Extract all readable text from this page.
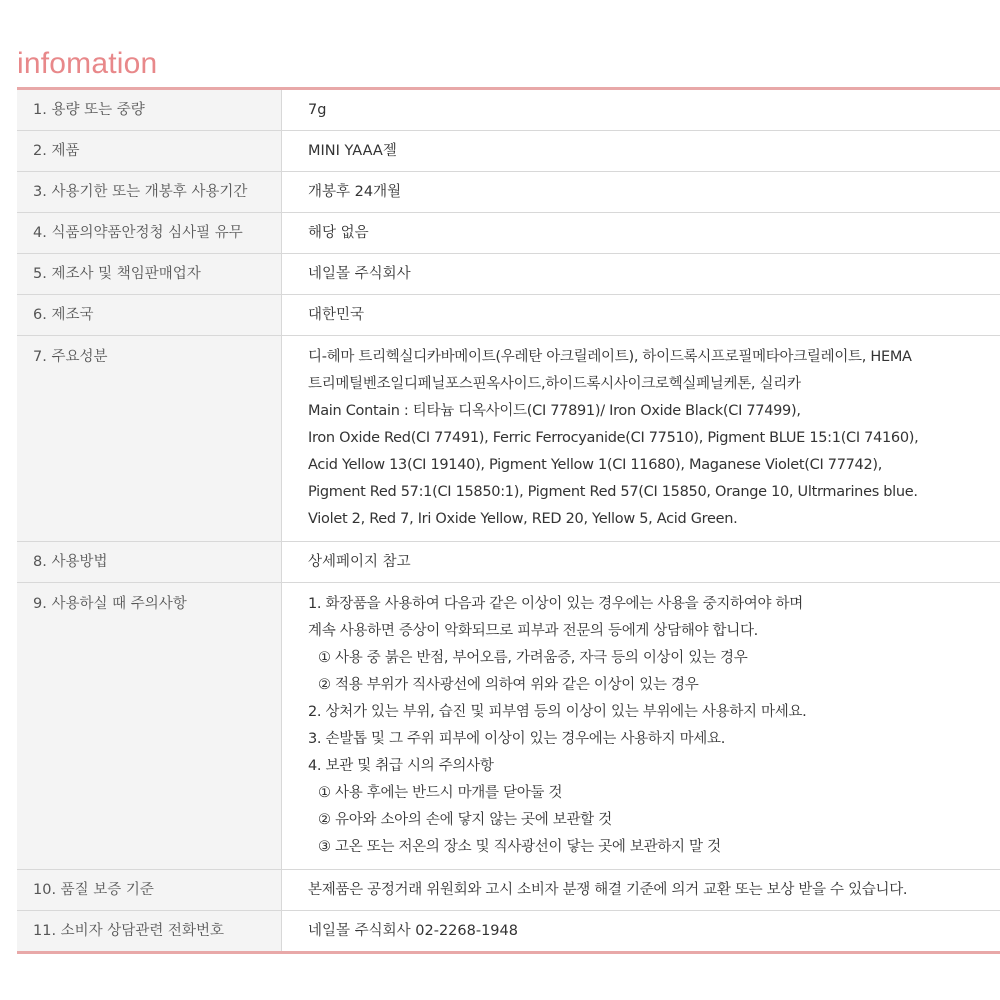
infomation
1. 용량 또는 중량	7g
2. 제품	MINI YAAA젤
3. 사용기한 또는 개봉후 사용기간	개봉후 24개월
4. 식품의약품안정청 심사필 유무	해당 없음
5. 제조사 및 책임판매업자	네일몰 주식회사
6. 제조국	대한민국
7. 주요성분	디-헤마 트리헥실디카바메이트(우레탄 아크릴레이트), 하이드록시프로필메타아크릴레이트, HEMA
트리메틸벤조일디페닐포스핀옥사이드,하이드록시사이크로헥실페닐케톤, 실리카
Main Contain : 티타늄 디옥사이드(CI 77891)/ Iron Oxide Black(CI 77499),
Iron Oxide Red(CI 77491), Ferric Ferrocyanide(CI 77510), Pigment BLUE 15:1(CI 74160),
Acid Yellow 13(CI 19140), Pigment Yellow 1(CI 11680), Maganese Violet(CI 77742),
Pigment Red 57:1(CI 15850:1), Pigment Red 57(CI 15850, Orange 10, Ultrmarines blue.
Violet 2, Red 7, Iri Oxide Yellow, RED 20, Yellow 5, Acid Green.
8. 사용방법	상세페이지 참고
9. 사용하실 때 주의사항	1. 화장품을 사용하여 다음과 같은 이상이 있는 경우에는 사용을 중지하여야 하며
계속 사용하면 증상이 악화되므로 피부과 전문의 등에게 상담해야 합니다.
① 사용 중 붉은 반점, 부어오름, 가려움증, 자극 등의 이상이 있는 경우
② 적용 부위가 직사광선에 의하여 위와 같은 이상이 있는 경우
2. 상처가 있는 부위, 습진 및 피부염 등의 이상이 있는 부위에는 사용하지 마세요.
3. 손발톱 및 그 주위 피부에 이상이 있는 경우에는 사용하지 마세요.
4. 보관 및 취급 시의 주의사항
① 사용 후에는 반드시 마개를 닫아둘 것
② 유아와 소아의 손에 닿지 않는 곳에 보관할 것
③ 고온 또는 저온의 장소 및 직사광선이 닿는 곳에 보관하지 말 것
10. 품질 보증 기준	본제품은 공정거래 위원회와 고시 소비자 분쟁 해결 기준에 의거 교환 또는 보상 받을 수 있습니다.
11. 소비자 상담관련 전화번호	네일몰 주식회사 02-2268-1948
